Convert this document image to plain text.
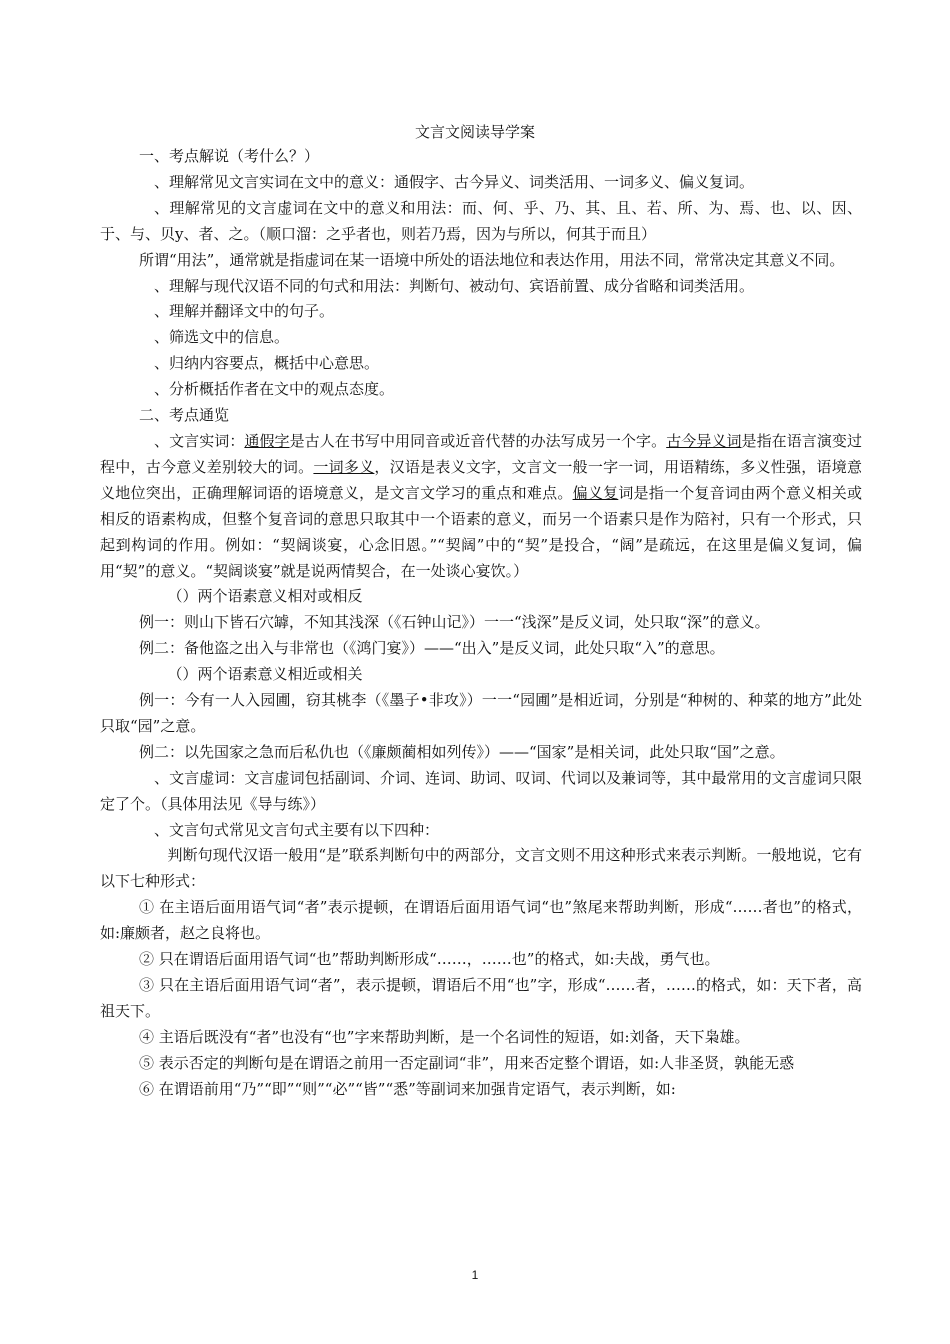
文言文阅读导学案

一、考点解说（考什么？）

、理解常见文言实词在文中的意义：通假字、古今异义、词类活用、一词多义、偏义复词。

、理解常见的文言虚词在文中的意义和用法：而、何、乎、乃、其、且、若、所、为、焉、也、以、因、于、与、贝y、者、之。（顺口溜：之乎者也，则若乃焉，因为与所以，何其于而且）

所谓“用法”，通常就是指虚词在某一语境中所处的语法地位和表达作用，用法不同，常常决定其意义不同。

、理解与现代汉语不同的句式和用法：判断句、被动句、宾语前置、成分省略和词类活用。

、理解并翻译文中的句子。

、筛选文中的信息。

、归纳内容要点，概括中心意思。

、分析概括作者在文中的观点态度。

二、考点通览

、文言实词：通假字是古人在书写中用同音或近音代替的办法写成另一个字。古今异义词是指在语言演变过程中，古今意义差别较大的词。一词多义，汉语是表义文字，文言文一般一字一词，用语精练，多义性强，语境意义地位突出，正确理解词语的语境意义，是文言文学习的重点和难点。偏义复词是指一个复音词由两个意义相关或相反的语素构成，但整个复音词的意思只取其中一个语素的意义，而另一个语素只是作为陪衬，只有一个形式，只起到构词的作用。例如：“契阔谈宴，心念旧恩。”“契阔”中的“契”是投合，“阔”是疏远，在这里是偏义复词，偏用“契”的意义。“契阔谈宴”就是说两情契合，在一处谈心宴饮。）

（）两个语素意义相对或相反

例一：则山下皆石穴罅，不知其浅深（《石钟山记》）一一“浅深”是反义词，处只取“深”的意义。

例二：备他盗之出入与非常也（《鸿门宴》）——“出入”是反义词，此处只取“入”的意思。

（）两个语素意义相近或相关

例一：今有一人入园圃，窃其桃李（《墨子•非攻》）一一“园圃”是相近词，分别是“种树的、种菜的地方”此处只取“园”之意。

例二：以先国家之急而后私仇也（《廉颇蔺相如列传》）——“国家”是相关词，此处只取“国”之意。

、文言虚词：文言虚词包括副词、介词、连词、助词、叹词、代词以及兼词等，其中最常用的文言虚词只限定了个。（具体用法见《导与练》）

、文言句式常见文言句式主要有以下四种：

判断句现代汉语一般用“是”联系判断句中的两部分，文言文则不用这种形式来表示判断。一般地说，它有以下七种形式：

① 在主语后面用语气词“者”表示提顿，在谓语后面用语气词“也”煞尾来帮助判断，形成“……者也”的格式，如:廉颇者，赵之良将也。

② 只在谓语后面用语气词“也”帮助判断形成“……，……也”的格式，如:夫战，勇气也。

③ 只在主语后面用语气词“者”，表示提顿，谓语后不用“也”字，形成“……者，……的格式，如：天下者，高祖天下。

④ 主语后既没有“者”也没有“也”字来帮助判断，是一个名词性的短语，如:刘备，天下枭雄。

⑤ 表示否定的判断句是在谓语之前用一否定副词“非”，用来否定整个谓语，如:人非圣贤，孰能无惑

⑥ 在谓语前用“乃”“即”“则”“必”“皆”“悉”等副词来加强肯定语气，表示判断，如:

1
